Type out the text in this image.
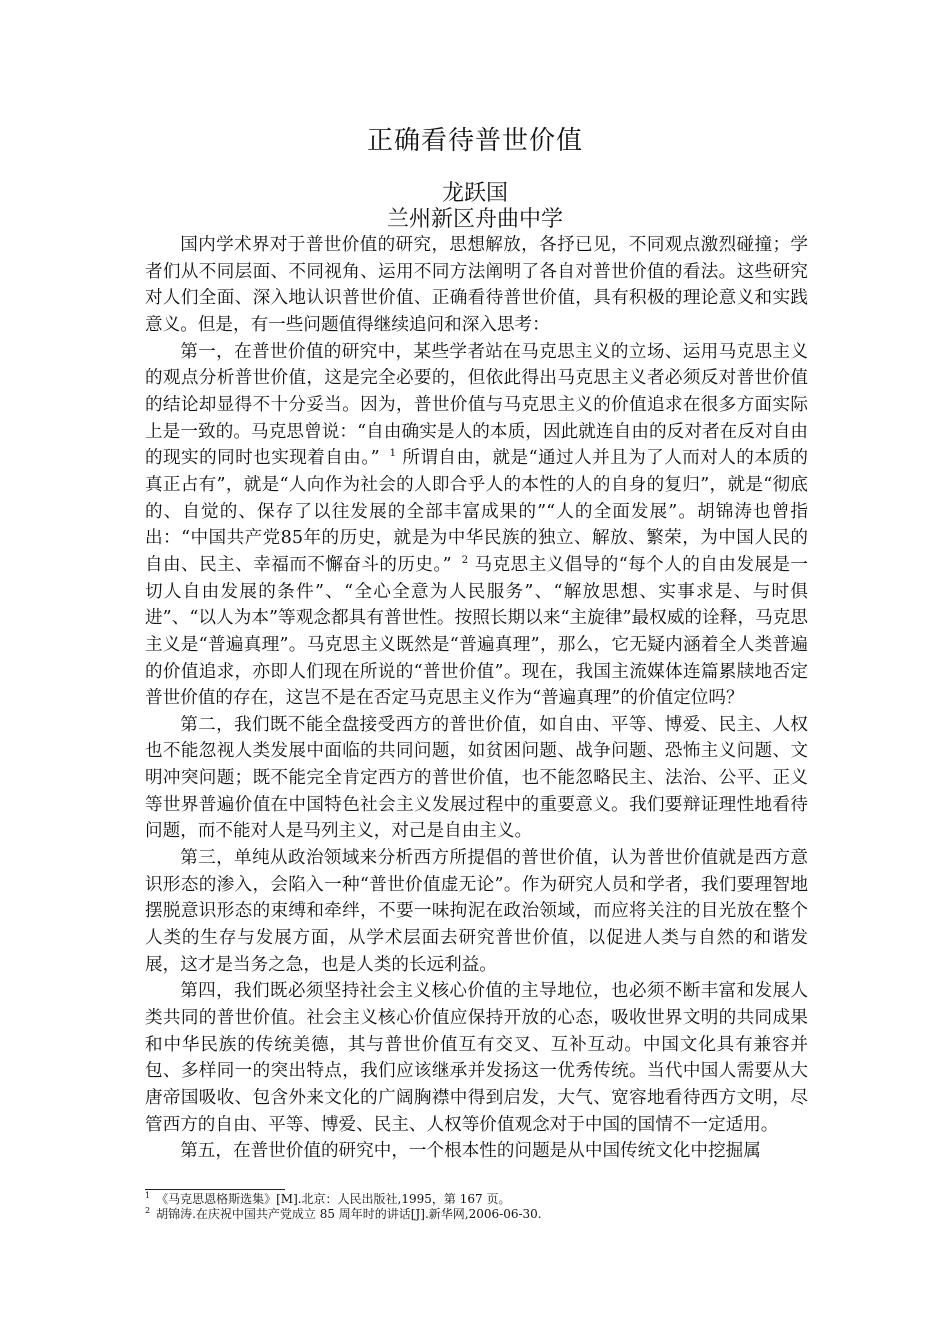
正确看待普世价值
龙跃国
兰州新区舟曲中学

国内学术界对于普世价值的研究，思想解放，各抒已见，不同观点激烈碰撞；学者们从不同层面、不同视角、运用不同方法阐明了各自对普世价值的看法。这些研究对人们全面、深入地认识普世价值、正确看待普世价值，具有积极的理论意义和实践意义。但是，有一些问题值得继续追问和深入思考：

第一，在普世价值的研究中，某些学者站在马克思主义的立场、运用马克思主义的观点分析普世价值，这是完全必要的，但依此得出马克思主义者必须反对普世价值的结论却显得不十分妥当。因为，普世价值与马克思主义的价值追求在很多方面实际上是一致的。马克思曾说：“自由确实是人的本质，因此就连自由的反对者在反对自由的现实的同时也实现着自由。” $^1$ 所谓自由，就是“通过人并且为了人而对人的本质的真正占有”，就是“人向作为社会的人即合乎人的本性的人的自身的复归”，就是“彻底的、自觉的、保存了以往发展的全部丰富成果的”“人的全面发展”。胡锦涛也曾指出：“中国共产党85年的历史，就是为中华民族的独立、解放、繁荣，为中国人民的自由、民主、幸福而不懈奋斗的历史。” $^2$ 马克思主义倡导的“每个人的自由发展是一切人自由发展的条件”、“全心全意为人民服务”、“解放思想、实事求是、与时俱进”、“以人为本”等观念都具有普世性。按照长期以来“主旋律”最权威的诠释，马克思主义是“普遍真理”。马克思主义既然是“普遍真理”，那么，它无疑内涵着全人类普遍的价值追求，亦即人们现在所说的“普世价值”。现在，我国主流媒体连篇累牍地否定普世价值的存在，这岂不是在否定马克思主义作为“普遍真理”的价值定位吗？

第二，我们既不能全盘接受西方的普世价值，如自由、平等、博爱、民主、人权也不能忽视人类发展中面临的共同问题，如贫困问题、战争问题、恐怖主义问题、文明冲突问题；既不能完全肯定西方的普世价值，也不能忽略民主、法治、公平、正义等世界普遍价值在中国特色社会主义发展过程中的重要意义。我们要辩证理性地看待问题，而不能对人是马列主义，对己是自由主义。

第三，单纯从政治领域来分析西方所提倡的普世价值，认为普世价值就是西方意识形态的渗入，会陷入一种“普世价值虚无论”。作为研究人员和学者，我们要理智地摆脱意识形态的束缚和牵绊，不要一味拘泥在政治领域，而应将关注的目光放在整个人类的生存与发展方面，从学术层面去研究普世价值，以促进人类与自然的和谐发展，这才是当务之急，也是人类的长远利益。

第四，我们既必须坚持社会主义核心价值的主导地位，也必须不断丰富和发展人类共同的普世价值。社会主义核心价值应保持开放的心态，吸收世界文明的共同成果和中华民族的传统美德，其与普世价值互有交叉、互补互动。中国文化具有兼容并包、多样同一的突出特点，我们应该继承并发扬这一优秀传统。当代中国人需要从大唐帝国吸收、包含外来文化的广阔胸襟中得到启发，大气、宽容地看待西方文明，尽管西方的自由、平等、博爱、民主、人权等价值观念对于中国的国情不一定适用。

第五，在普世价值的研究中，一个根本性的问题是从中国传统文化中挖掘属

$^1$ 《马克思恩格斯选集》[M].北京：人民出版社,1995，第 167 页。

$^2$ 胡锦涛.在庆祝中国共产党成立 85 周年时的讲话[J].新华网,2006-06-30.
